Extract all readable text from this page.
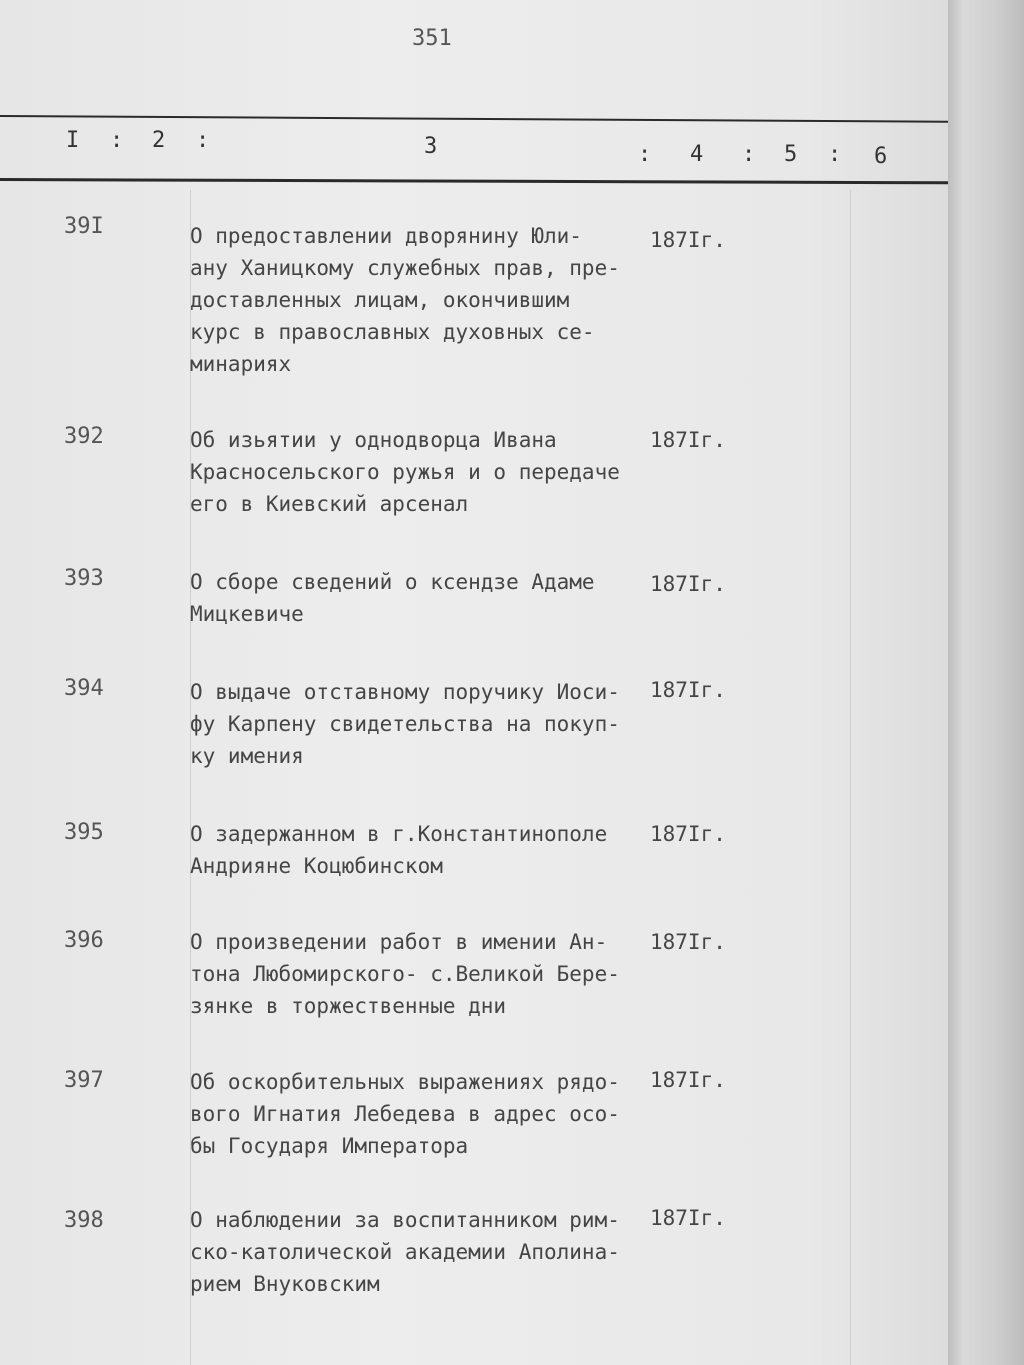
351
I : 2 :	3	: 4 : 5 : 6
39I	О предоставлении дворянину Юли-
ану Ханицкому служебных прав, пре-
доставленных лицам, окончившим
курс в православных духовных се-
минариях
187Iг.
392	Об изьятии у однодворца Ивана
Красносельского ружья и о передаче
его в Киевский арсенал
187Iг.
393	О сборе сведений о ксендзе Адаме
Мицкевиче
187Iг.
394	О выдаче отставному поручику Иоси-
фу Карпену свидетельства на покуп-
ку имения
187Iг.
395	О задержанном в г.Константинополе
Андрияне Коцюбинском
187Iг.
396	О произведении работ в имении Ан-
тона Любомирского- с.Великой Бере-
зянке в торжественные дни
187Iг.
397	Об оскорбительных выражениях рядо-
вого Игнатия Лебедева в адрес осо-
бы Государя Императора
187Iг.
398	О наблюдении за воспитанником рим-
ско-католической академии Аполина-
рием Внуковским
187Iг.
